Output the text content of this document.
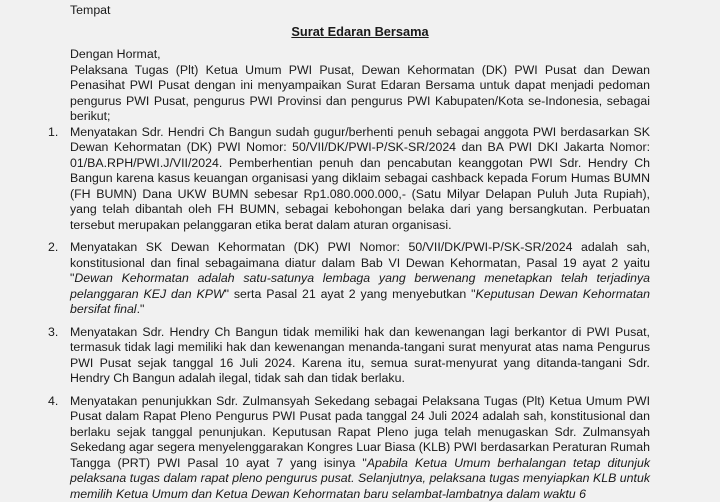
Tempat

Surat Edaran Bersama

Dengan Hormat,

Pelaksana Tugas (Plt) Ketua Umum PWI Pusat, Dewan Kehormatan (DK) PWI Pusat dan Dewan Penasihat PWI Pusat dengan ini menyampaikan Surat Edaran Bersama untuk dapat menjadi pedoman pengurus PWI Pusat, pengurus PWI Provinsi dan pengurus PWI Kabupaten/Kota se-Indonesia, sebagai berikut;

1. Menyatakan Sdr. Hendri Ch Bangun sudah gugur/berhenti penuh sebagai anggota PWI berdasarkan SK Dewan Kehormatan (DK) PWI Nomor: 50/VII/DK/PWI-P/SK-SR/2024 dan BA PWI DKI Jakarta Nomor: 01/BA.RPH/PWI.J/VII/2024. Pemberhentian penuh dan pencabutan keanggotan PWI Sdr. Hendry Ch Bangun karena kasus keuangan organisasi yang diklaim sebagai cashback kepada Forum Humas BUMN (FH BUMN) Dana UKW BUMN sebesar Rp1.080.000.000,- (Satu Milyar Delapan Puluh Juta Rupiah), yang telah dibantah oleh FH BUMN, sebagai kebohongan belaka dari yang bersangkutan. Perbuatan tersebut merupakan pelanggaran etika berat dalam aturan organisasi.
2. Menyatakan SK Dewan Kehormatan (DK) PWI Nomor: 50/VII/DK/PWI-P/SK-SR/2024 adalah sah, konstitusional dan final sebagaimana diatur dalam Bab VI Dewan Kehormatan, Pasal 19 ayat 2 yaitu "Dewan Kehormatan adalah satu-satunya lembaga yang berwenang menetapkan telah terjadinya pelanggaran KEJ dan KPW" serta Pasal 21 ayat 2 yang menyebutkan "Keputusan Dewan Kehormatan bersifat final."
3. Menyatakan Sdr. Hendry Ch Bangun tidak memiliki hak dan kewenangan lagi berkantor di PWI Pusat, termasuk tidak lagi memiliki hak dan kewenangan menanda-tangani surat menyurat atas nama Pengurus PWI Pusat sejak tanggal 16 Juli 2024. Karena itu, semua surat-menyurat yang ditanda-tangani Sdr. Hendry Ch Bangun adalah ilegal, tidak sah dan tidak berlaku.
4. Menyatakan penunjukkan Sdr. Zulmansyah Sekedang sebagai Pelaksana Tugas (Plt) Ketua Umum PWI Pusat dalam Rapat Pleno Pengurus PWI Pusat pada tanggal 24 Juli 2024 adalah sah, konstitusional dan berlaku sejak tanggal penunjukan. Keputusan Rapat Pleno juga telah menugaskan Sdr. Zulmansyah Sekedang agar segera menyelenggarakan Kongres Luar Biasa (KLB) PWI berdasarkan Peraturan Rumah Tangga (PRT) PWI Pasal 10 ayat 7 yang isinya "Apabila Ketua Umum berhalangan tetap ditunjuk pelaksana tugas dalam rapat pleno pengurus pusat. Selanjutnya, pelaksana tugas menyiapkan KLB untuk memilih Ketua Umum dan Ketua Dewan Kehormatan baru selambat-lambatnya dalam waktu 6
